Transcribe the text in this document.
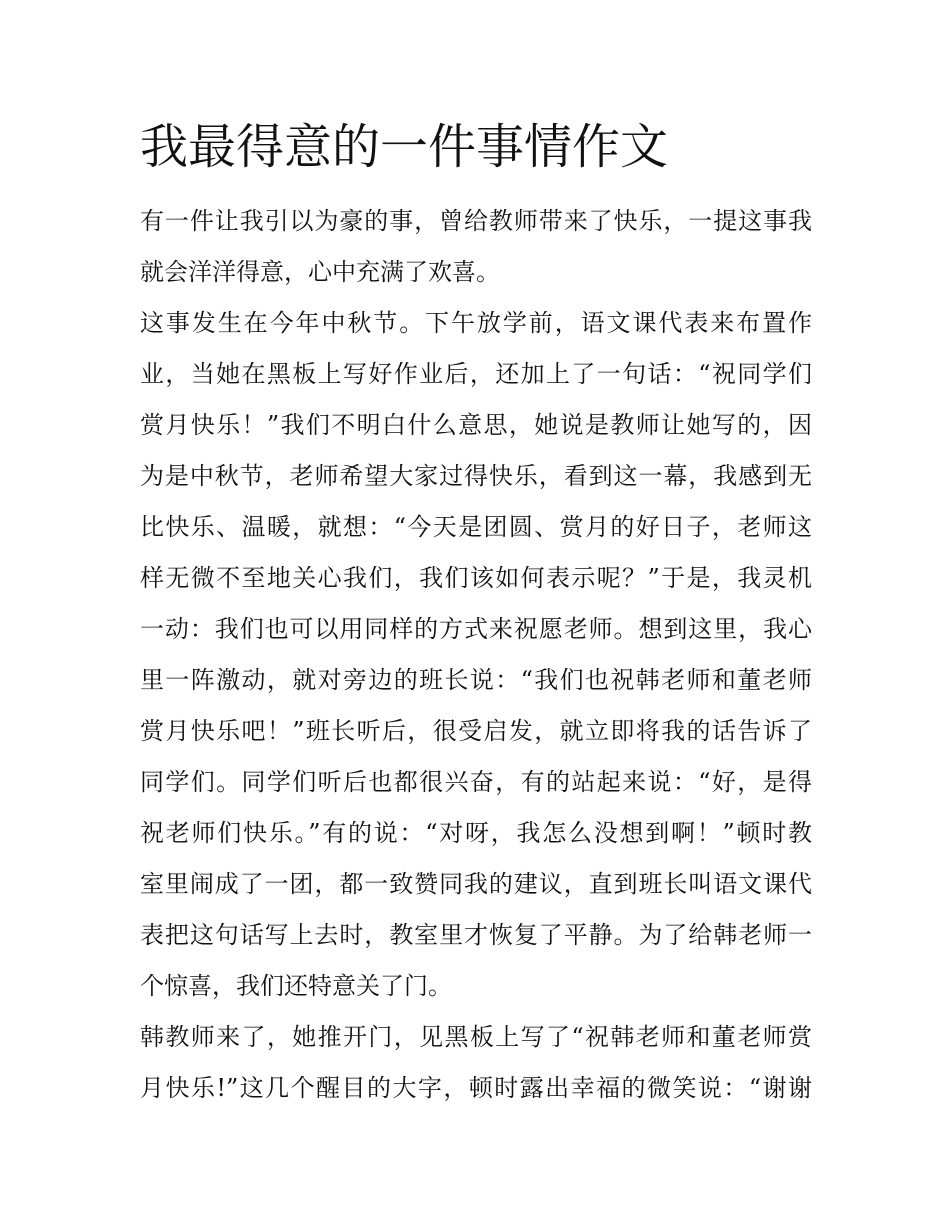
我最得意的一件事情作文
有一件让我引以为豪的事，曾给教师带来了快乐，一提这事我
就会洋洋得意，心中充满了欢喜。
这事发生在今年中秋节。下午放学前，语文课代表来布置作
业，当她在黑板上写好作业后，还加上了一句话：“祝同学们
赏月快乐！”我们不明白什么意思，她说是教师让她写的，因
为是中秋节，老师希望大家过得快乐，看到这一幕，我感到无
比快乐、温暖，就想：“今天是团圆、赏月的好日子，老师这
样无微不至地关心我们，我们该如何表示呢？”于是，我灵机
一动：我们也可以用同样的方式来祝愿老师。想到这里，我心
里一阵激动，就对旁边的班长说：“我们也祝韩老师和董老师
赏月快乐吧！”班长听后，很受启发，就立即将我的话告诉了
同学们。同学们听后也都很兴奋，有的站起来说：“好，是得
祝老师们快乐。”有的说：“对呀，我怎么没想到啊！”顿时教
室里闹成了一团，都一致赞同我的建议，直到班长叫语文课代
表把这句话写上去时，教室里才恢复了平静。为了给韩老师一
个惊喜，我们还特意关了门。
韩教师来了，她推开门，见黑板上写了“祝韩老师和董老师赏
月快乐!”这几个醒目的大字，顿时露出幸福的微笑说：“谢谢
